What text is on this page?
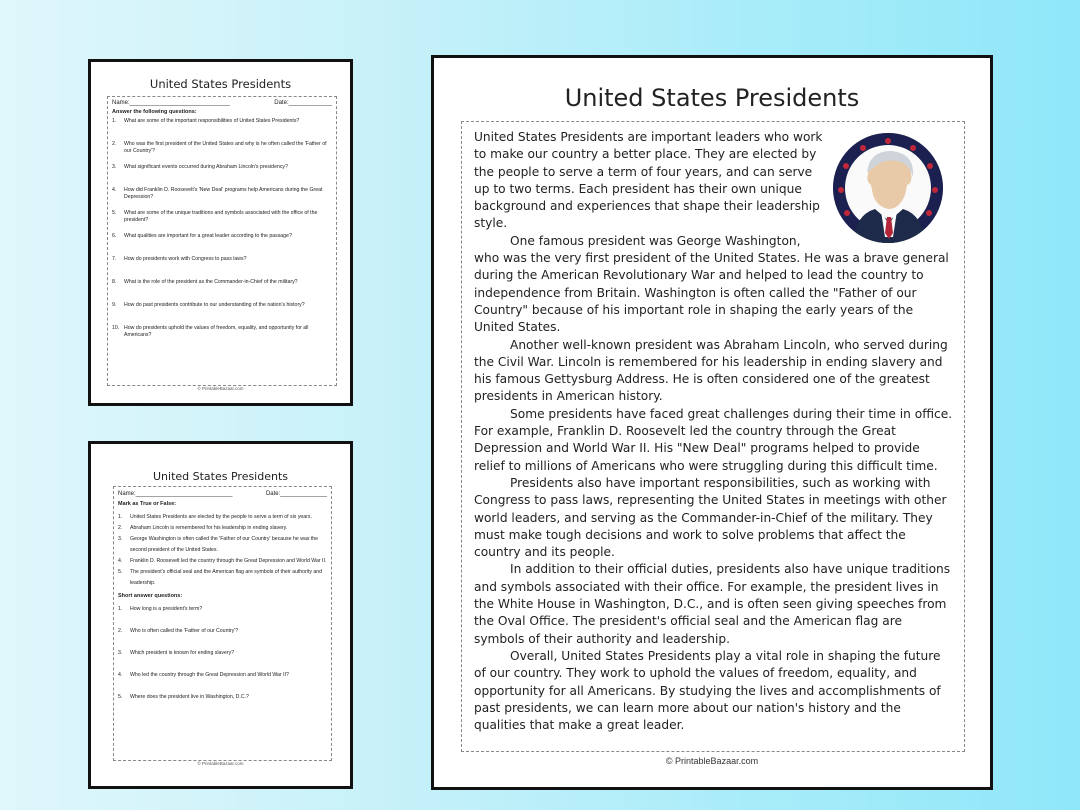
United States Presidents
Name:______________________________	Date:_____________
Answer the following questions:
1.	What are some of the important responsibilities of United States Presidents?
2.	Who was the first president of the United States and why is he often called the 'Father of our Country'?
3.	What significant events occurred during Abraham Lincoln's presidency?
4.	How did Franklin D. Roosevelt's 'New Deal' programs help Americans during the Great Depression?
5.	What are some of the unique traditions and symbols associated with the office of the president?
6.	What qualities are important for a great leader according to the passage?
7.	How do presidents work with Congress to pass laws?
8.	What is the role of the president as the Commander-in-Chief of the military?
9.	How do past presidents contribute to our understanding of the nation's history?
10. How do presidents uphold the values of freedom, equality, and opportunity for all Americans?
© PrintableBazaar.com
United States Presidents
Name:_____________________________	Date:______________
Mark as True or False:
1.	United States Presidents are elected by the people to serve a term of six years.
2.	Abraham Lincoln is remembered for his leadership in ending slavery.
3.	George Washington is often called the 'Father of our Country' because he was the second president of the United States.
4.	Franklin D. Roosevelt led the country through the Great Depression and World War II.
5.	The president's official seal and the American flag are symbols of their authority and leadership.
Short answer questions:
1.	How long is a president's term?
2.	Who is often called the 'Father of our Country'?
3.	Which president is known for ending slavery?
4.	Who led the country through the Great Depression and World War II?
5.	Where does the president live in Washington, D.C.?
© PrintableBazaar.com
United States Presidents

United States Presidents are important leaders who work to make our country a better place. They are elected by the people to serve a term of four years, and can serve up to two terms. Each president has their own unique background and experiences that shape their leadership style.

One famous president was George Washington, who was the very first president of the United States. He was a brave general during the American Revolutionary War and helped to lead the country to independence from Britain. Washington is often called the "Father of our Country" because of his important role in shaping the early years of the United States.

Another well-known president was Abraham Lincoln, who served during the Civil War. Lincoln is remembered for his leadership in ending slavery and his famous Gettysburg Address. He is often considered one of the greatest presidents in American history.

Some presidents have faced great challenges during their time in office. For example, Franklin D. Roosevelt led the country through the Great Depression and World War II. His "New Deal" programs helped to provide relief to millions of Americans who were struggling during this difficult time.

Presidents also have important responsibilities, such as working with Congress to pass laws, representing the United States in meetings with other world leaders, and serving as the Commander-in-Chief of the military. They must make tough decisions and work to solve problems that affect the country and its people.

In addition to their official duties, presidents also have unique traditions and symbols associated with their office. For example, the president lives in the White House in Washington, D.C., and is often seen giving speeches from the Oval Office. The president's official seal and the American flag are symbols of their authority and leadership.

Overall, United States Presidents play a vital role in shaping the future of our country. They work to uphold the values of freedom, equality, and opportunity for all Americans. By studying the lives and accomplishments of past presidents, we can learn more about our nation's history and the qualities that make a great leader.

© PrintableBazaar.com
